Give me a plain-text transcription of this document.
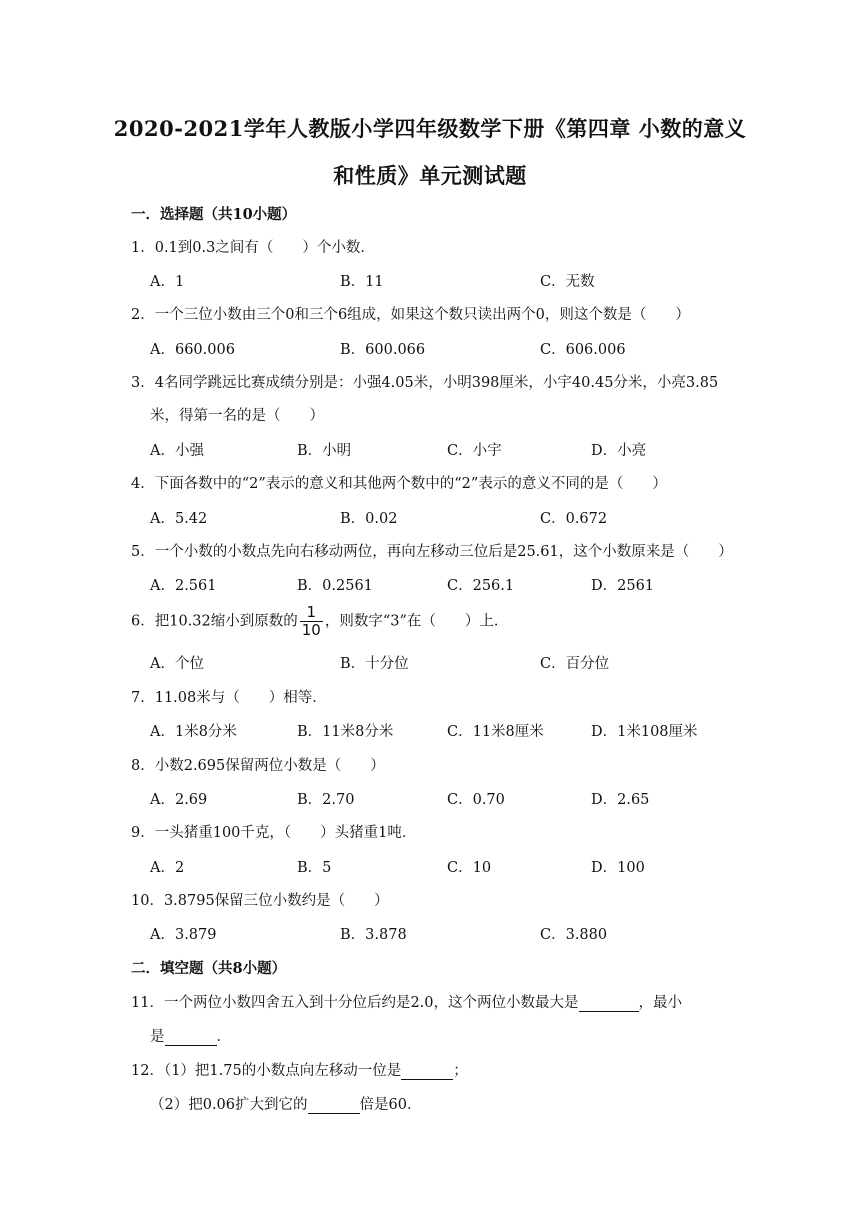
2020-2021学年人教版小学四年级数学下册《第四章 小数的意义
和性质》单元测试题
一．选择题（共10小题）
1．0.1到0.3之间有（　　）个小数．
A．1	B．11	C．无数
2．一个三位小数由三个0和三个6组成，如果这个数只读出两个0，则这个数是（　　）
A．660.006	B．600.066	C．606.006
3．4名同学跳远比赛成绩分别是：小强4.05米，小明398厘米，小宇40.45分米，小亮3.85
米，得第一名的是（　　）
A．小强	B．小明	C．小宇	D．小亮
4．下面各数中的“2”表示的意义和其他两个数中的“2”表示的意义不同的是（　　）
A．5.42	B．0.02	C．0.672
5．一个小数的小数点先向右移动两位，再向左移动三位后是25.61，这个小数原来是（　　）
A．2.561	B．0.2561	C．256.1	D．2561
6．把10.32缩小到原数的 $\frac{1}{10}$ ，则数字“3”在（　　）上．
A．个位	B．十分位	C．百分位
7．11.08米与（　　）相等．
A．1米8分米	B．11米8分米	C．11米8厘米	D．1米108厘米
8．小数2.695保留两位小数是（　　）
A．2.69	B．2.70	C．0.70	D．2.65
9．一头猪重100千克，（　　）头猪重1吨．
A．2	B．5	C．10	D．100
10．3.8795保留三位小数约是（　　）
A．3.879	B．3.878	C．3.880
二．填空题（共8小题）
11．一个两位小数四舍五入到十分位后约是2.0，这个两位小数最大是	，最小
是	．
12．（1）把1.75的小数点向左移动一位是	；
（2）把0.06扩大到它的	倍是60．
